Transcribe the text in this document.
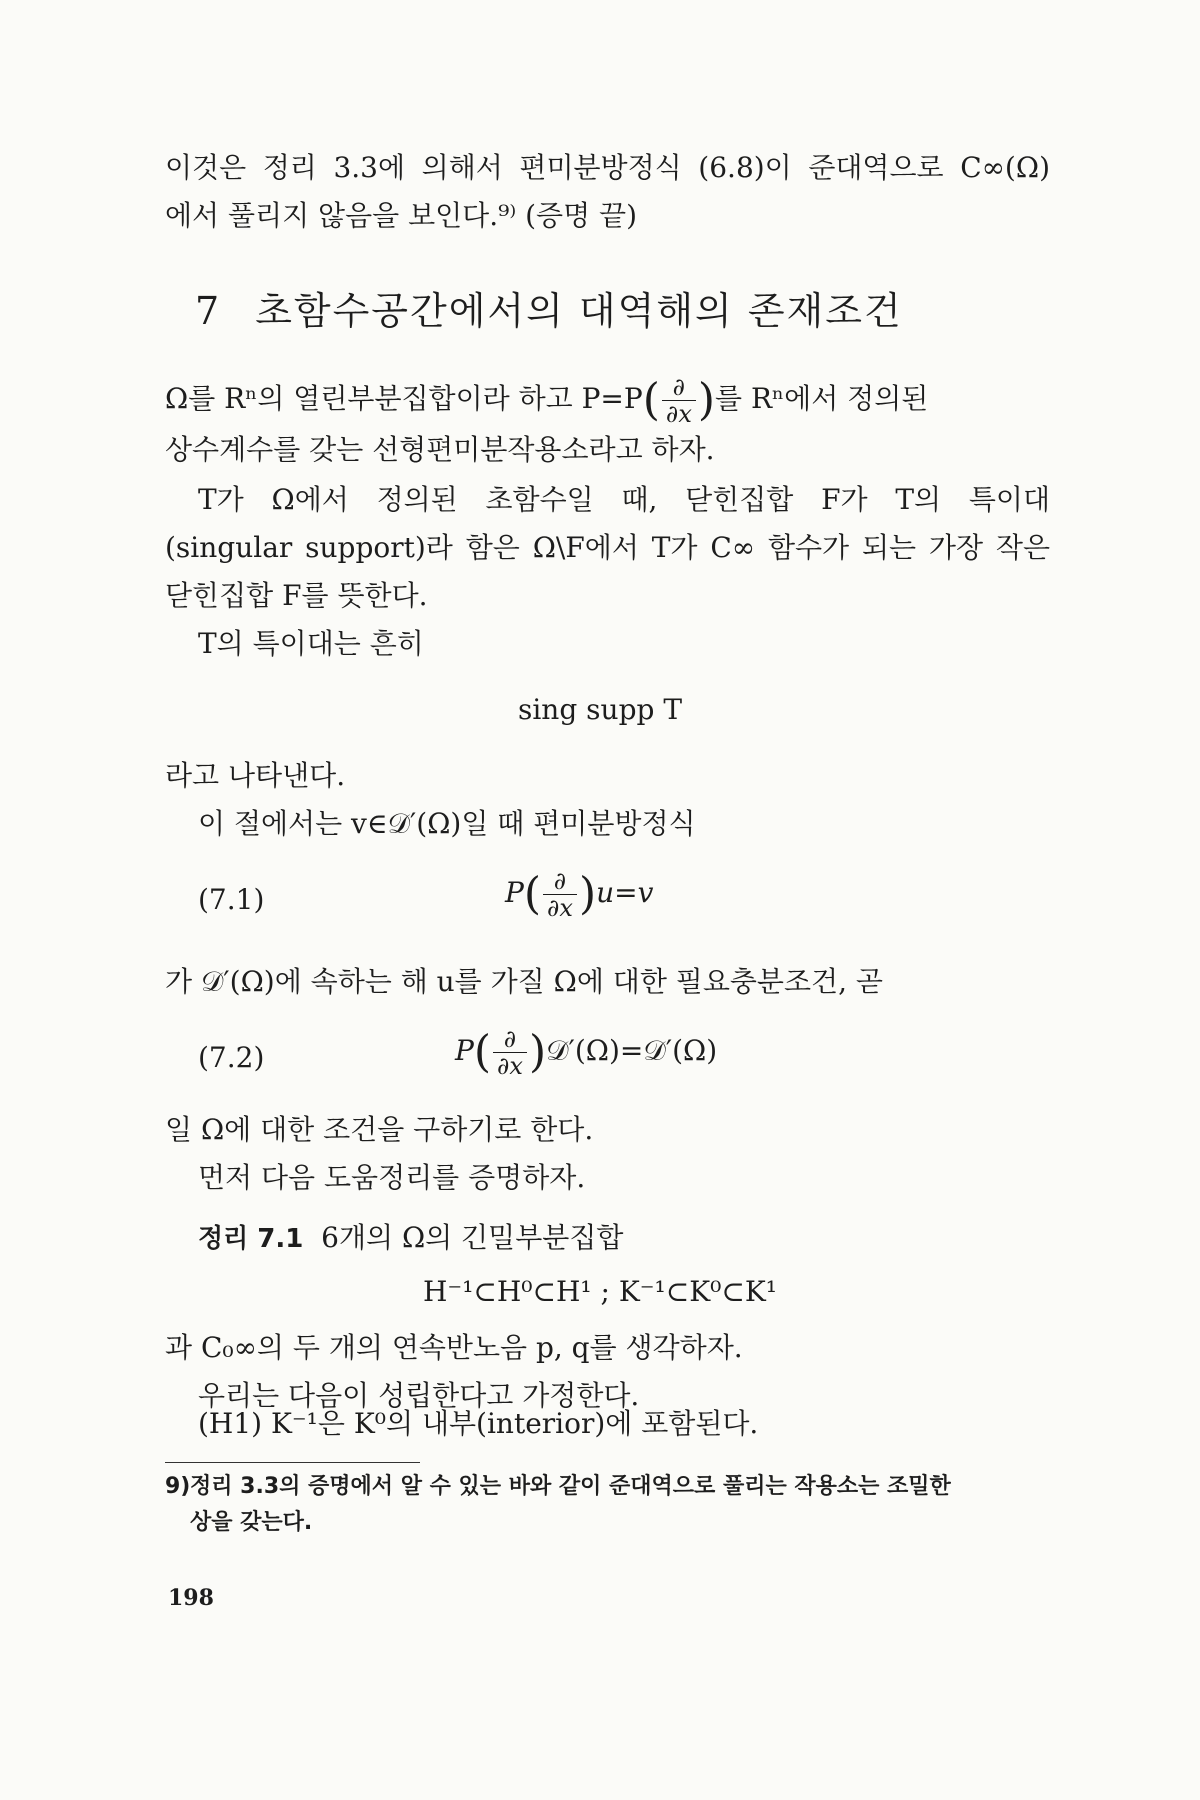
이것은 정리 3.3에 의해서 편미분방정식 (6.8)이 준대역으로 C∞(Ω)
에서 풀리지 않음을 보인다.⁹⁾ (증명 끝)
7 초함수공간에서의 대역해의 존재조건
Ω를 Rⁿ의 열린부분집합이라 하고 $P=P( \frac{\partial}{\partial x}$ )를 Rⁿ에서 정의된
상수계수를 갖는 선형편미분작용소라고 하자.
T가 Ω에서 정의된 초함수일 때, 닫힌집합 F가 T의 특이대
(singular support)라 함은 Ω\F에서 T가 C∞ 함수가 되는 가장 작은
닫힌집합 F를 뜻한다.
T의 특이대는 흔히
sing supp T
라고 나타낸다.
이 절에서는 v∈𝒟′(Ω)일 때 편미분방정식
(7.1)	$P( \frac{\partial}{\partial x} )u=v$
가 𝒟′(Ω)에 속하는 해 u를 가질 Ω에 대한 필요충분조건, 곧
(7.2)	$P( \frac{\partial}{\partial x}$ )𝒟′(Ω)=𝒟′(Ω)
일 Ω에 대한 조건을 구하기로 한다.
먼저 다음 도움정리를 증명하자.
정리 7.1 6개의 Ω의 긴밀부분집합
H⁻¹⊂H⁰⊂H¹ ; K⁻¹⊂K⁰⊂K¹
과 C₀∞의 두 개의 연속반노음 p, q를 생각하자.
우리는 다음이 성립한다고 가정한다.
9) 정리 3.3의 증명에서 알 수 있는 바와 같이 준대역으로 풀리는 작용소는 조밀한
상을 갖는다.
198
(H1) K⁻¹은 K⁰의 내부(interior)에 포함된다.
